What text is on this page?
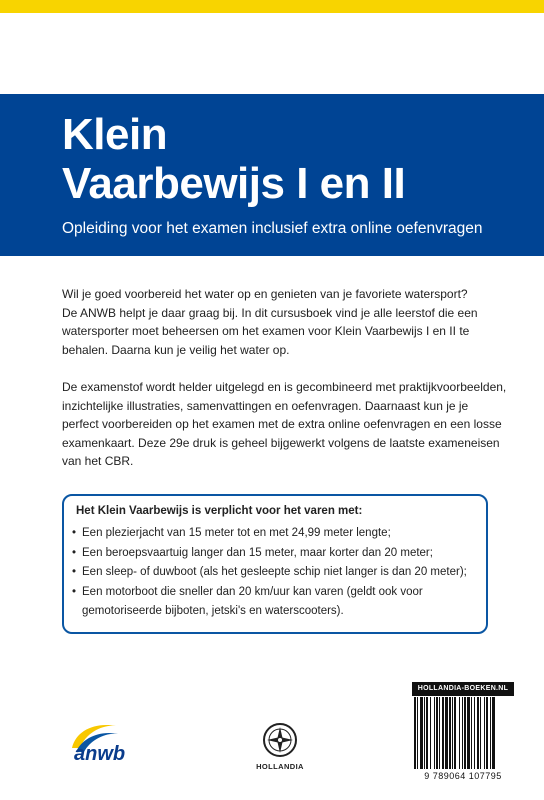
Klein
Vaarbewijs I en II
Opleiding voor het examen inclusief extra online oefenvragen
Wil je goed voorbereid het water op en genieten van je favoriete watersport?
De ANWB helpt je daar graag bij. In dit cursusboek vind je alle leerstof die een
watersporter moet beheersen om het examen voor Klein Vaarbewijs I en II te
behalen. Daarna kun je veilig het water op.
De examenstof wordt helder uitgelegd en is gecombineerd met praktijkvoorbeelden,
inzichtelijke illustraties, samenvattingen en oefenvragen. Daarnaast kun je je
perfect voorbereiden op het examen met de extra online oefenvragen en een losse
examenkaart. Deze 29e druk is geheel bijgewerkt volgens de laatste exameneisen
van het CBR.
Het Klein Vaarbewijs is verplicht voor het varen met:
• Een plezierjacht van 15 meter tot en met 24,99 meter lengte;
• Een beroepsvaartuig langer dan 15 meter, maar korter dan 20 meter;
• Een sleep- of duwboot (als het gesleepte schip niet langer is dan 20 meter);
• Een motorboot die sneller dan 20 km/uur kan varen (geldt ook voor
gemotoriseerde bijboten, jetski's en waterscooters).
anwb
HOLLANDIA
HOLLANDIA-BOEKEN.NL
9 789064 107795
